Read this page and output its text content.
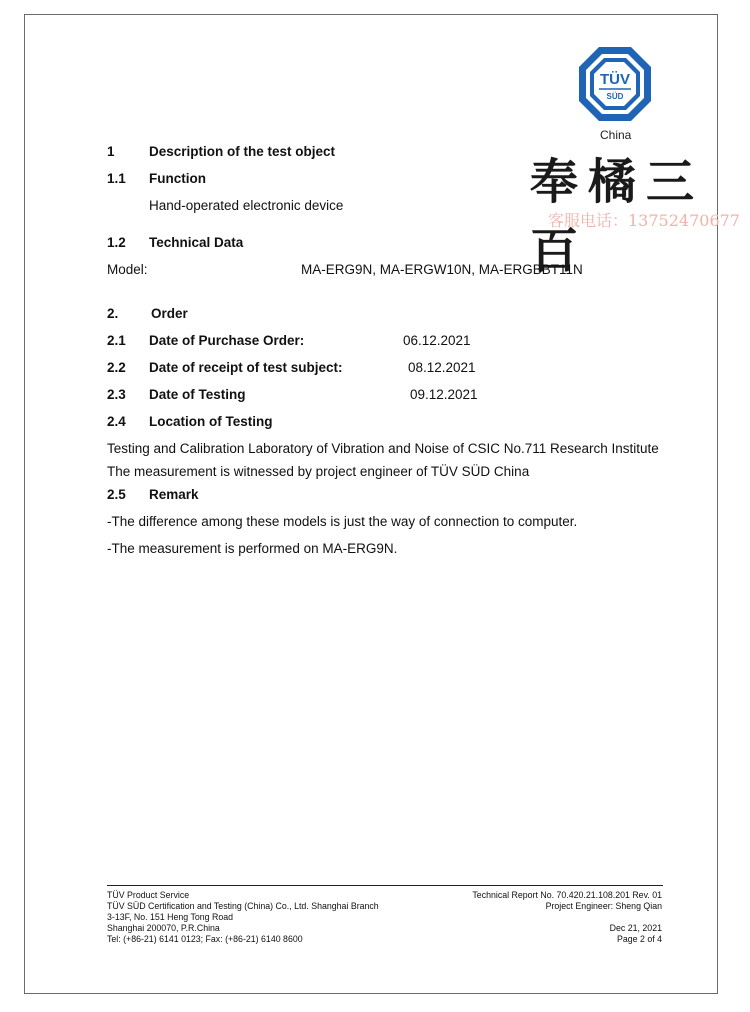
TÜV
SÜD
China
奉橘三百
客服电话：13752470677
1	Description of the test object
1.1 Function
Hand-operated electronic device
1.2 Technical Data
Model:	MA-ERG9N, MA-ERGW10N, MA-ERGBBT11N
2. Order
2.1 Date of Purchase Order:	06.12.2021
2.2 Date of receipt of test subject:	08.12.2021
2.3 Date of Testing	09.12.2021
2.4 Location of Testing
Testing and Calibration Laboratory of Vibration and Noise of CSIC No.711 Research Institute
The measurement is witnessed by project engineer of TÜV SÜD China
2.5 Remark
-The difference among these models is just the way of connection to computer.
-The measurement is performed on MA-ERG9N.
TÜV Product Service
TÜV SÜD Certification and Testing (China) Co., Ltd. Shanghai Branch
3-13F, No. 151 Heng Tong Road
Shanghai 200070, P.R.China
Tel: (+86-21) 6141 0123; Fax: (+86-21) 6140 8600
Technical Report No. 70.420.21.108.201 Rev. 01
Project Engineer: Sheng Qian

Dec 21, 2021
Page 2 of 4
